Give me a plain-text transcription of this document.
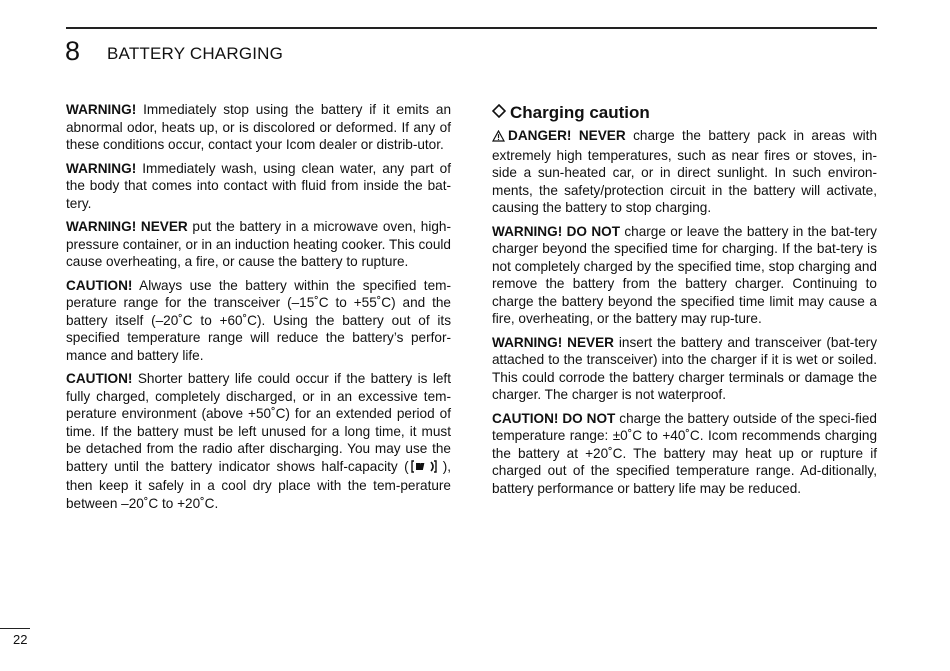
8 BATTERY CHARGING

WARNING! Immediately stop using the battery if it emits an abnormal odor, heats up, or is discolored or deformed. If any of these conditions occur, contact your Icom dealer or distrib-utor.

WARNING! Immediately wash, using clean water, any part of the body that comes into contact with fluid from inside the bat-tery.

WARNING! NEVER put the battery in a microwave oven, high-pressure container, or in an induction heating cooker. This could cause overheating, a fire, or cause the battery to rupture.

CAUTION! Always use the battery within the specified tem-perature range for the transceiver (–15˚C to +55˚C) and the battery itself (–20˚C to +60˚C). Using the battery out of its specified temperature range will reduce the battery’s perfor-mance and battery life.

CAUTION! Shorter battery life could occur if the battery is left fully charged, completely discharged, or in an excessive tem-perature environment (above +50˚C) for an extended period of time. If the battery must be left unused for a long time, it must be detached from the radio after discharging. You may use the battery until the battery indicator shows half-capacity (	), then keep it safely in a cool dry place with the tem-perature between –20˚C to +20˚C.

Charging caution

DANGER! NEVER charge the battery pack in areas with extremely high temperatures, such as near fires or stoves, in-side a sun-heated car, or in direct sunlight. In such environ-ments, the safety/protection circuit in the battery will activate, causing the battery to stop charging.

WARNING! DO NOT charge or leave the battery in the bat-tery charger beyond the specified time for charging. If the bat-tery is not completely charged by the specified time, stop charging and remove the battery from the battery charger. Continuing to charge the battery beyond the specified time limit may cause a fire, overheating, or the battery may rup-ture.

WARNING! NEVER insert the battery and transceiver (bat-tery attached to the transceiver) into the charger if it is wet or soiled. This could corrode the battery charger terminals or damage the charger. The charger is not waterproof.

CAUTION! DO NOT charge the battery outside of the speci-fied temperature range: ±0˚C to +40˚C. Icom recommends charging the battery at +20˚C. The battery may heat up or rupture if charged out of the specified temperature range. Ad-ditionally, battery performance or battery life may be reduced.

22
